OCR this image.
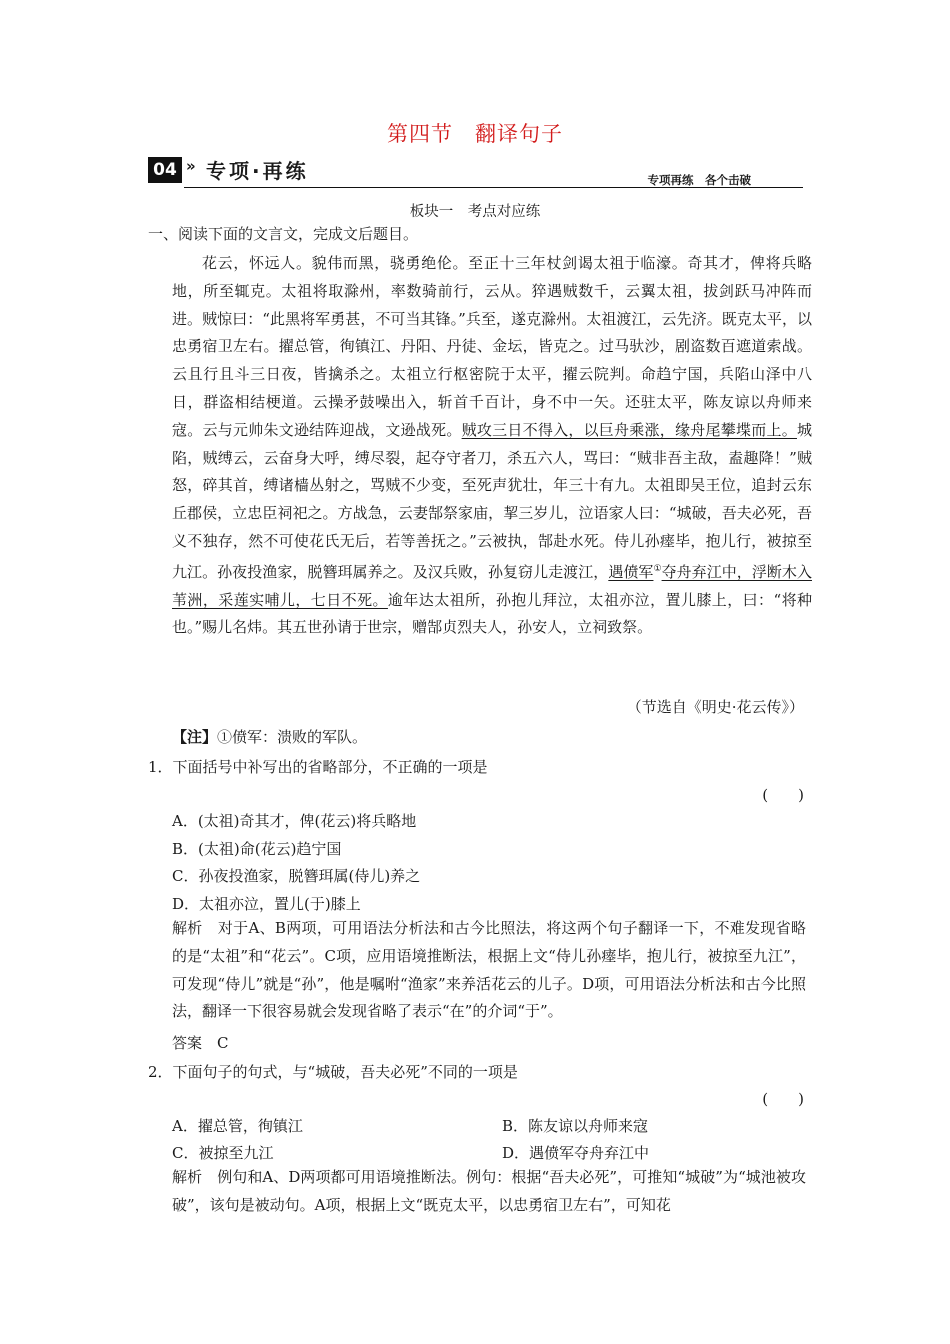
第四节　翻译句子
04 » 专项·再练	专项再练　各个击破
板块一　考点对应练
一、阅读下面的文言文，完成文后题目。

花云，怀远人。貌伟而黑，骁勇绝伦。至正十三年杖剑谒太祖于临濠。奇其才，俾将兵略地，所至辄克。太祖将取滁州，率数骑前行，云从。猝遇贼数千，云翼太祖，拔剑跃马冲阵而进。贼惊曰：“此黑将军勇甚，不可当其锋。”兵至，遂克滁州。太祖渡江，云先济。既克太平，以忠勇宿卫左右。擢总管，徇镇江、丹阳、丹徒、金坛，皆克之。过马驮沙，剧盗数百遮道索战。云且行且斗三日夜，皆擒杀之。太祖立行枢密院于太平，擢云院判。命趋宁国，兵陷山泽中八日，群盗相结梗道。云操矛鼓噪出入，斩首千百计，身不中一矢。还驻太平，陈友谅以舟师来寇。云与元帅朱文逊结阵迎战，文逊战死。贼攻三日不得入，以巨舟乘涨，缘舟尾攀堞而上。城陷，贼缚云，云奋身大呼，缚尽裂，起夺守者刀，杀五六人，骂曰：“贼非吾主敌，盍趣降！”贼怒，碎其首，缚诸樯丛射之，骂贼不少变，至死声犹壮，年三十有九。太祖即吴王位，追封云东丘郡侯，立忠臣祠祀之。方战急，云妻郜祭家庙，挈三岁儿，泣语家人曰：“城破，吾夫必死，吾义不独存，然不可使花氏无后，若等善抚之。”云被执，郜赴水死。侍儿孙瘗毕，抱儿行，被掠至九江。孙夜投渔家，脱簪珥属养之。及汉兵败，孙复窃儿走渡江，遇偾军①夺舟弃江中，浮断木入苇洲，采莲实哺儿，七日不死。逾年达太祖所，孙抱儿拜泣，太祖亦泣，置儿膝上，曰：“将种也。”赐儿名炜。其五世孙请于世宗，赠郜贞烈夫人，孙安人，立祠致祭。

（节选自《明史·花云传》）
【注】①偾军：溃败的军队。
1．下面括号中补写出的省略部分，不正确的一项是
(　　)
A．(太祖)奇其才，俾(花云)将兵略地
B．(太祖)命(花云)趋宁国
C．孙夜投渔家，脱簪珥属(侍儿)养之
D．太祖亦泣，置儿(于)膝上
解析　对于A、B两项，可用语法分析法和古今比照法，将这两个句子翻译一下，不难发现省略的是“太祖”和“花云”。C项，应用语境推断法，根据上文“侍儿孙瘗毕，抱儿行，被掠至九江”，可发现“侍儿”就是“孙”，他是嘱咐“渔家”来养活花云的儿子。D项，可用语法分析法和古今比照法，翻译一下很容易就会发现省略了表示“在”的介词“于”。
答案　C
2．下面句子的句式，与“城破，吾夫必死”不同的一项是
(　　)
A．擢总管，徇镇江	B．陈友谅以舟师来寇
C．被掠至九江	D．遇偾军夺舟弃江中
解析　例句和A、D两项都可用语境推断法。例句：根据“吾夫必死”，可推知“城破”为“城池被攻破”，该句是被动句。A项，根据上文“既克太平，以忠勇宿卫左右”，可知花
